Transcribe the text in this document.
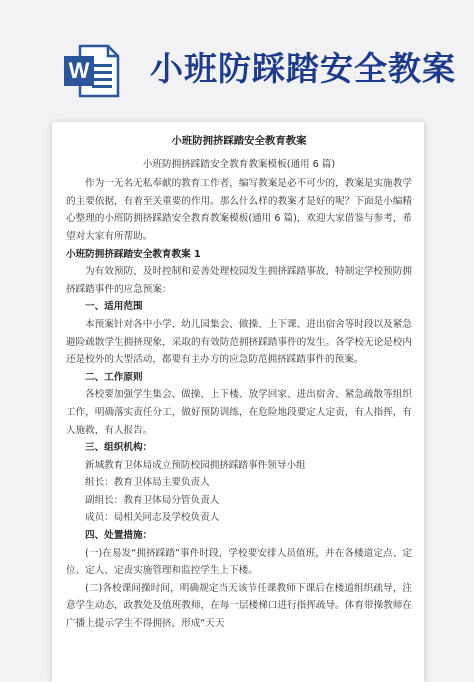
W 小班防踩踏安全教案

小班防拥挤踩踏安全教育教案

小班防拥挤踩踏安全教育教案模板(通用 6 篇)

作为一无名无私奉献的教育工作者，编写教案是必不可少的，教案是实施教学的主要依据，有着至关重要的作用。那么什么样的教案才是好的呢？下面是小编精心整理的小班防拥挤踩踏安全教育教案模板(通用 6 篇)，欢迎大家借鉴与参考，希望对大家有所帮助。

小班防拥挤踩踏安全教育教案 1

为有效预防、及时控制和妥善处理校园发生拥挤踩踏事故，特制定学校预防拥挤踩踏事件的应急预案：

一、适用范围

本预案针对各中小学、幼儿园集会、做操、上下课、进出宿舍等时段以及紧急避险疏散学生拥挤现象，采取的有效防范拥挤踩踏事件的发生。各学校无论是校内还是校外的大型活动，都要有主办方的应急防范拥挤踩踏事件的预案。

二、工作原则

各校要加强学生集会、做操、上下楼、放学回家、进出宿舍、紧急疏散等组织工作，明确落实责任分工，做好预防训练，在危险地段要定人定责，有人指挥，有人施救，有人报告。

三、组织机构：

新城教育卫体局成立预防校园拥挤踩踏事件领导小组

组长：教育卫体局主要负责人

副组长：教育卫体局分管负责人

成员：局相关同志及学校负责人

四、处置措施：

(一)在易发“拥挤踩踏”事件时段，学校要安排人员值班，并在各楼道定点、定位、定人、定责实施管理和监控学生上下楼。

(二)各校课间操时间，明确规定当天该节任课教师下课后在楼道组织疏导，注意学生动态，政教处及值班教师，在每一层楼梯口进行指挥疏导。体育带操教师在广播上提示学生不得拥挤，形成“天天
